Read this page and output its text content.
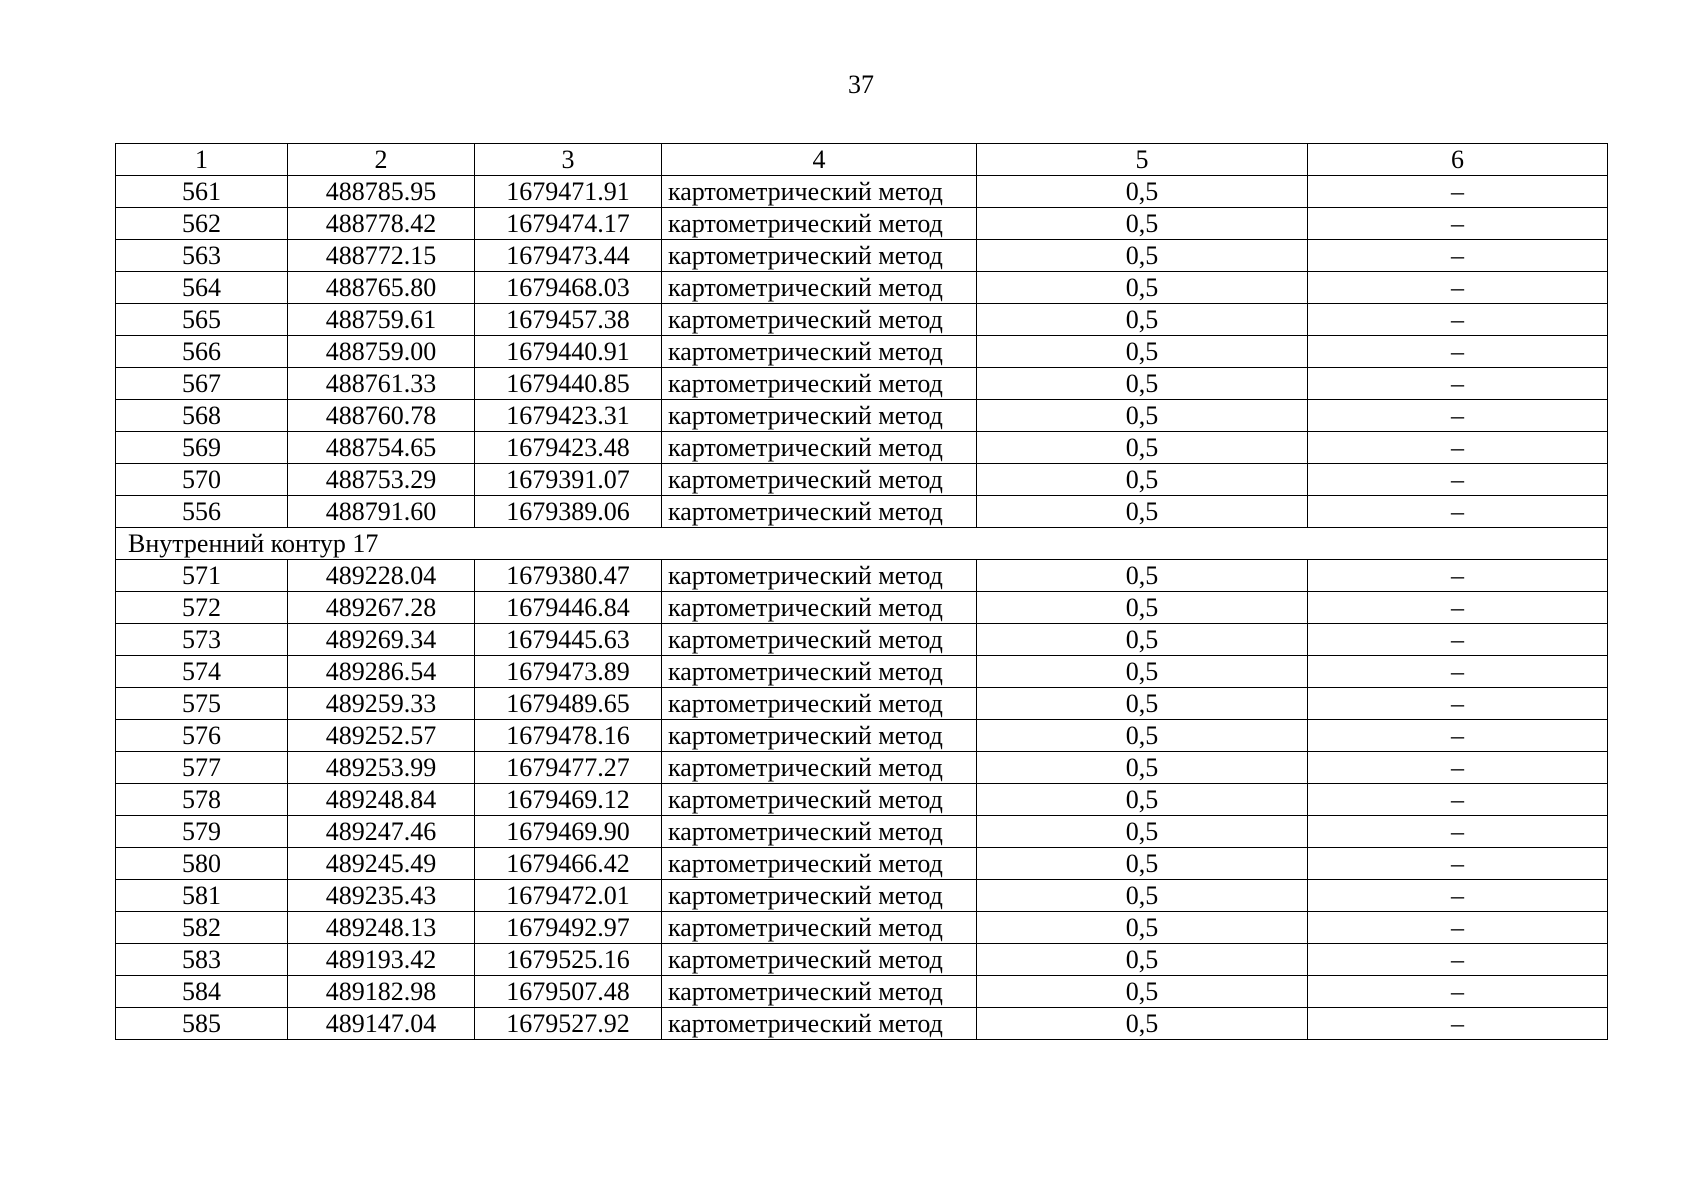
37
1	2	3	4	5	6
561	488785.95	1679471.91	картометрический метод	0,5	–
562	488778.42	1679474.17	картометрический метод	0,5	–
563	488772.15	1679473.44	картометрический метод	0,5	–
564	488765.80	1679468.03	картометрический метод	0,5	–
565	488759.61	1679457.38	картометрический метод	0,5	–
566	488759.00	1679440.91	картометрический метод	0,5	–
567	488761.33	1679440.85	картометрический метод	0,5	–
568	488760.78	1679423.31	картометрический метод	0,5	–
569	488754.65	1679423.48	картометрический метод	0,5	–
570	488753.29	1679391.07	картометрический метод	0,5	–
556	488791.60	1679389.06	картометрический метод	0,5	–
Внутренний контур 17					
571	489228.04	1679380.47	картометрический метод	0,5	–
572	489267.28	1679446.84	картометрический метод	0,5	–
573	489269.34	1679445.63	картометрический метод	0,5	–
574	489286.54	1679473.89	картометрический метод	0,5	–
575	489259.33	1679489.65	картометрический метод	0,5	–
576	489252.57	1679478.16	картометрический метод	0,5	–
577	489253.99	1679477.27	картометрический метод	0,5	–
578	489248.84	1679469.12	картометрический метод	0,5	–
579	489247.46	1679469.90	картометрический метод	0,5	–
580	489245.49	1679466.42	картометрический метод	0,5	–
581	489235.43	1679472.01	картометрический метод	0,5	–
582	489248.13	1679492.97	картометрический метод	0,5	–
583	489193.42	1679525.16	картометрический метод	0,5	–
584	489182.98	1679507.48	картометрический метод	0,5	–
585	489147.04	1679527.92	картометрический метод	0,5	–
